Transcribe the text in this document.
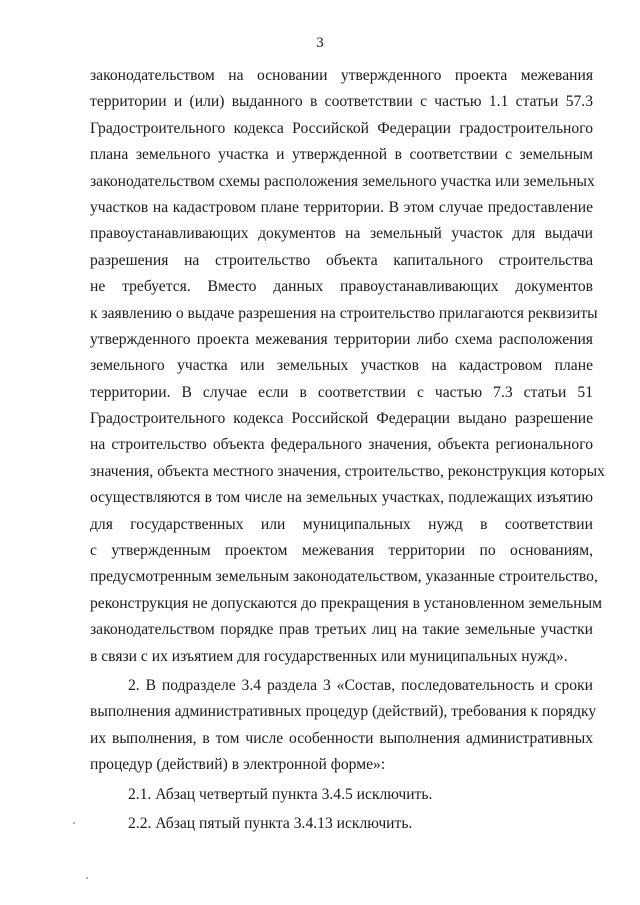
3
законодательством на основании утвержденного проекта межевания
территории и (или) выданного в соответствии с частью 1.1 статьи 57.3
Градостроительного кодекса Российской Федерации градостроительного
плана земельного участка и утвержденной в соответствии с земельным
законодательством схемы расположения земельного участка или земельных
участков на кадастровом плане территории. В этом случае предоставление
правоустанавливающих документов на земельный участок для выдачи
разрешения на строительство объекта капитального строительства
не требуется. Вместо данных правоустанавливающих документов
к заявлению о выдаче разрешения на строительство прилагаются реквизиты
утвержденного проекта межевания территории либо схема расположения
земельного участка или земельных участков на кадастровом плане
территории. В случае если в соответствии с частью 7.3 статьи 51
Градостроительного кодекса Российской Федерации выдано разрешение
на строительство объекта федерального значения, объекта регионального
значения, объекта местного значения, строительство, реконструкция которых
осуществляются в том числе на земельных участках, подлежащих изъятию
для государственных или муниципальных нужд в соответствии
с утвержденным проектом межевания территории по основаниям,
предусмотренным земельным законодательством, указанные строительство,
реконструкция не допускаются до прекращения в установленном земельным
законодательством порядке прав третьих лиц на такие земельные участки
в связи с их изъятием для государственных или муниципальных нужд».
2. В подразделе 3.4 раздела 3 «Состав, последовательность и сроки
выполнения административных процедур (действий), требования к порядку
их выполнения, в том числе особенности выполнения административных
процедур (действий) в электронной форме»:
2.1. Абзац четвертый пункта 3.4.5 исключить.
2.2. Абзац пятый пункта 3.4.13 исключить.
